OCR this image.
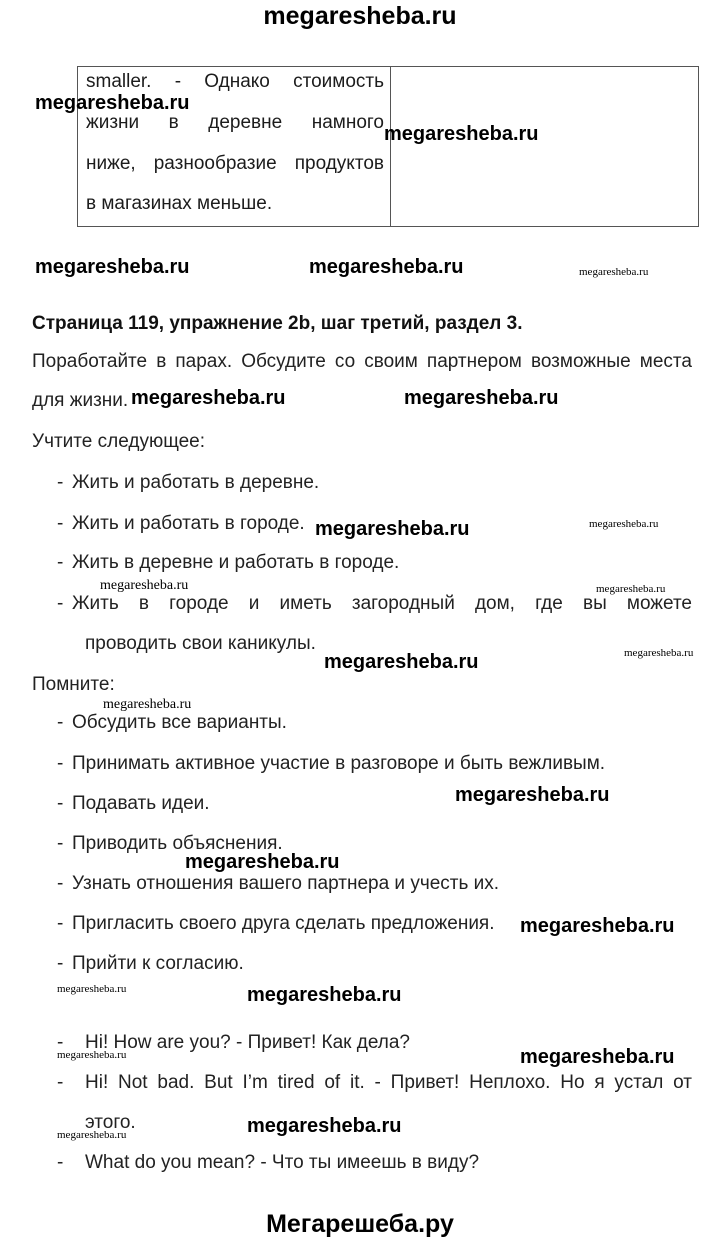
megaresheba.ru
smaller. - Однако стоимость
жизни в деревне намного
ниже, разнообразие продуктов
в магазинах меньше.
Страница 119, упражнение 2b, шаг третий, раздел 3.
Поработайте в парах. Обсудите со своим партнером возможные места
для жизни.
Учтите следующее:
- Жить и работать в деревне.
- Жить и работать в городе.
- Жить в деревне и работать в городе.
- Жить в городе и иметь загородный дом, где вы можете
проводить свои каникулы.
Помните:
- Обсудить все варианты.
- Принимать активное участие в разговоре и быть вежливым.
- Подавать идеи.
- Приводить объяснения.
- Узнать отношения вашего партнера и учесть их.
- Пригласить своего друга сделать предложения.
- Прийти к согласию.
- Hi! How are you? - Привет! Как дела?
- Hi! Not bad. But I’m tired of it. - Привет! Неплохо. Но я устал от
этого.
- What do you mean? - Что ты имеешь в виду?
megaresheba.ru
megaresheba.ru
megaresheba.ru	megaresheba.ru	megaresheba.ru
megaresheba.ru	megaresheba.ru
megaresheba.ru	megaresheba.ru
megaresheba.ru	megaresheba.ru
megaresheba.ru
megaresheba.ru
megaresheba.ru
megaresheba.ru
megaresheba.ru
megaresheba.ru
megaresheba.ru	megaresheba.ru
megaresheba.ru	megaresheba.ru
megaresheba.ru	megaresheba.ru
Мегарешеба.ру
